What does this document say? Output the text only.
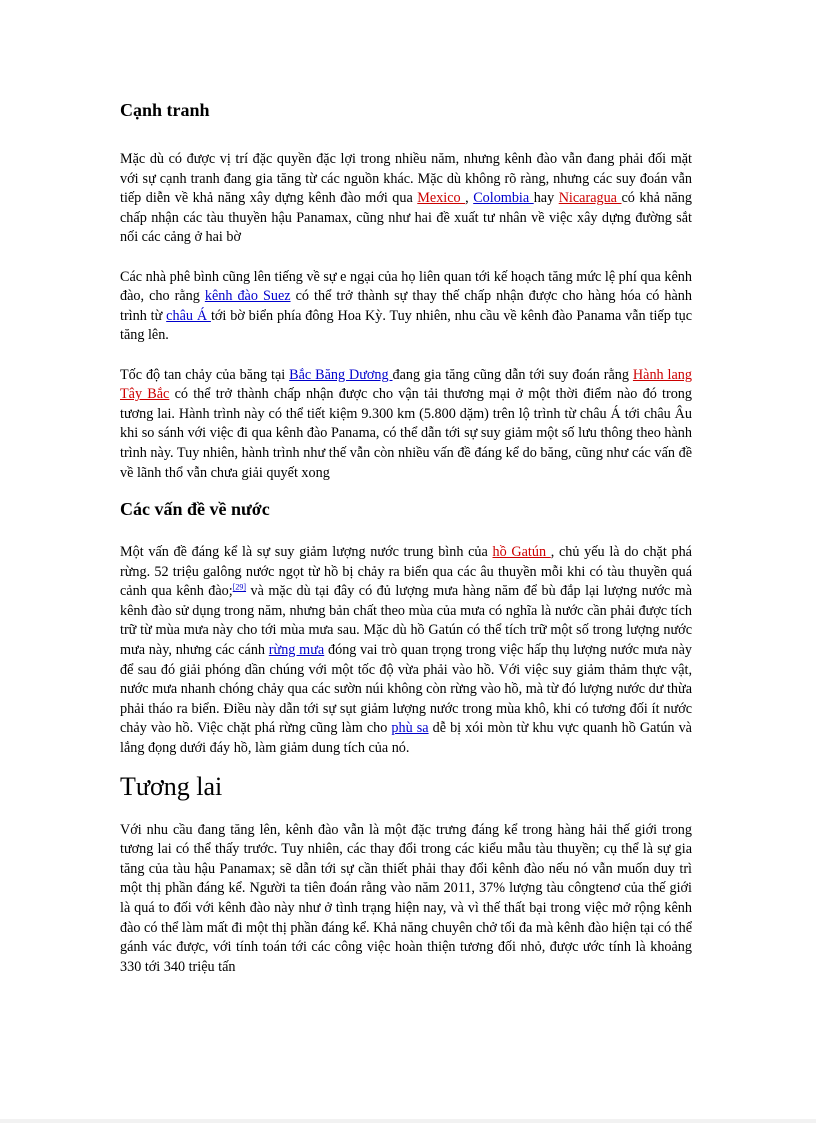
Cạnh tranh

Mặc dù có được vị trí đặc quyền đặc lợi trong nhiều năm, nhưng kênh đào vẫn đang phải đối mặt với sự cạnh tranh đang gia tăng từ các nguồn khác. Mặc dù không rõ ràng, nhưng các suy đoán vẫn tiếp diễn về khả năng xây dựng kênh đào mới qua Mexico , Colombia hay Nicaragua có khả năng chấp nhận các tàu thuyền hậu Panamax, cũng như hai đề xuất tư nhân về việc xây dựng đường sắt nối các cảng ở hai bờ

Các nhà phê bình cũng lên tiếng về sự e ngại của họ liên quan tới kế hoạch tăng mức lệ phí qua kênh đào, cho rằng kênh đào Suez có thể trở thành sự thay thế chấp nhận được cho hàng hóa có hành trình từ châu Á tới bờ biển phía đông Hoa Kỳ. Tuy nhiên, nhu cầu về kênh đào Panama vẫn tiếp tục tăng lên.

Tốc độ tan chảy của băng tại Bắc Băng Dương đang gia tăng cũng dẫn tới suy đoán rằng Hành lang Tây Bắc có thể trở thành chấp nhận được cho vận tải thương mại ở một thời điểm nào đó trong tương lai. Hành trình này có thể tiết kiệm 9.300 km (5.800 dặm) trên lộ trình từ châu Á tới châu Âu khi so sánh với việc đi qua kênh đào Panama, có thể dẫn tới sự suy giảm một số lưu thông theo hành trình này. Tuy nhiên, hành trình như thế vẫn còn nhiều vấn đề đáng kể do băng, cũng như các vấn đề về lãnh thổ vẫn chưa giải quyết xong

Các vấn đề về nước

Một vấn đề đáng kể là sự suy giảm lượng nước trung bình của hồ Gatún , chủ yếu là do chặt phá rừng. 52 triệu galông nước ngọt từ hồ bị chảy ra biển qua các âu thuyền mỗi khi có tàu thuyền quá cảnh qua kênh đào;[29] và mặc dù tại đây có đủ lượng mưa hàng năm để bù đắp lại lượng nước mà kênh đào sử dụng trong năm, nhưng bản chất theo mùa của mưa có nghĩa là nước cần phải được tích trữ từ mùa mưa này cho tới mùa mưa sau. Mặc dù hồ Gatún có thể tích trữ một số trong lượng nước mưa này, nhưng các cánh rừng mưa đóng vai trò quan trọng trong việc hấp thụ lượng nước mưa này để sau đó giải phóng dần chúng với một tốc độ vừa phải vào hồ. Với việc suy giảm thảm thực vật, nước mưa nhanh chóng chảy qua các sườn núi không còn rừng vào hồ, mà từ đó lượng nước dư thừa phải tháo ra biển. Điều này dẫn tới sự sụt giảm lượng nước trong mùa khô, khi có tương đối ít nước chảy vào hồ. Việc chặt phá rừng cũng làm cho phù sa dễ bị xói mòn từ khu vực quanh hồ Gatún và lắng đọng dưới đáy hồ, làm giảm dung tích của nó.

Tương lai

Với nhu cầu đang tăng lên, kênh đào vẫn là một đặc trưng đáng kể trong hàng hải thế giới trong tương lai có thể thấy trước. Tuy nhiên, các thay đổi trong các kiểu mẫu tàu thuyền; cụ thể là sự gia tăng của tàu hậu Panamax; sẽ dẫn tới sự cần thiết phải thay đổi kênh đào nếu nó vẫn muốn duy trì một thị phần đáng kể. Người ta tiên đoán rằng vào năm 2011, 37% lượng tàu côngtenơ của thế giới là quá to đối với kênh đào này như ở tình trạng hiện nay, và vì thế thất bại trong việc mở rộng kênh đào có thể làm mất đi một thị phần đáng kể. Khả năng chuyên chở tối đa mà kênh đào hiện tại có thể gánh vác được, với tính toán tới các công việc hoàn thiện tương đối nhỏ, được ước tính là khoảng 330 tới 340 triệu tấn
